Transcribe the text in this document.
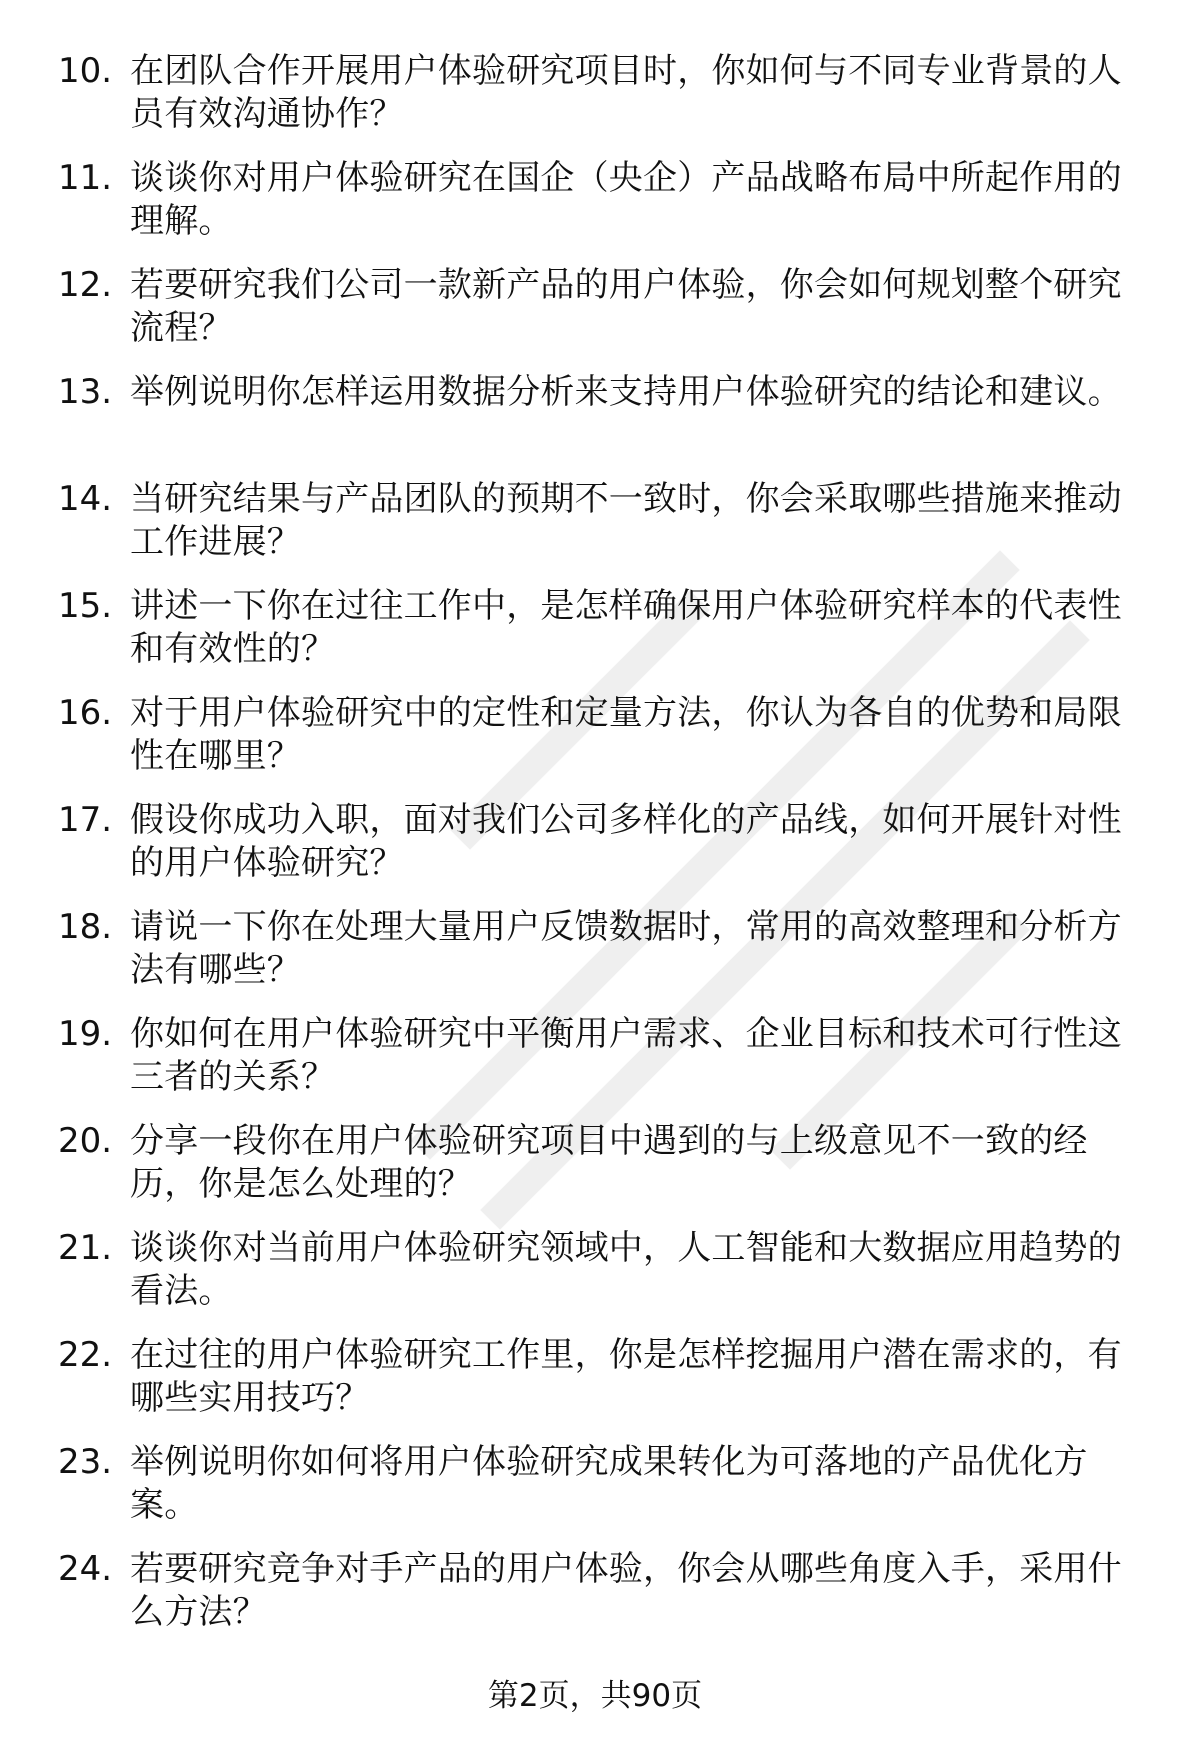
10. 在团队合作开展用户体验研究项目时，你如何与不同专业背景的人员有效沟通协作？
11. 谈谈你对用户体验研究在国企（央企）产品战略布局中所起作用的理解。
12. 若要研究我们公司一款新产品的用户体验，你会如何规划整个研究流程？
13. 举例说明你怎样运用数据分析来支持用户体验研究的结论和建议。
14. 当研究结果与产品团队的预期不一致时，你会采取哪些措施来推动工作进展？
15. 讲述一下你在过往工作中，是怎样确保用户体验研究样本的代表性和有效性的？
16. 对于用户体验研究中的定性和定量方法，你认为各自的优势和局限性在哪里？
17. 假设你成功入职，面对我们公司多样化的产品线，如何开展针对性的用户体验研究？
18. 请说一下你在处理大量用户反馈数据时，常用的高效整理和分析方法有哪些？
19. 你如何在用户体验研究中平衡用户需求、企业目标和技术可行性这三者的关系？
20. 分享一段你在用户体验研究项目中遇到的与上级意见不一致的经历，你是怎么处理的？
21. 谈谈你对当前用户体验研究领域中，人工智能和大数据应用趋势的看法。
22. 在过往的用户体验研究工作里，你是怎样挖掘用户潜在需求的，有哪些实用技巧？
23. 举例说明你如何将用户体验研究成果转化为可落地的产品优化方案。
24. 若要研究竞争对手产品的用户体验，你会从哪些角度入手，采用什么方法？
第2页，共90页
